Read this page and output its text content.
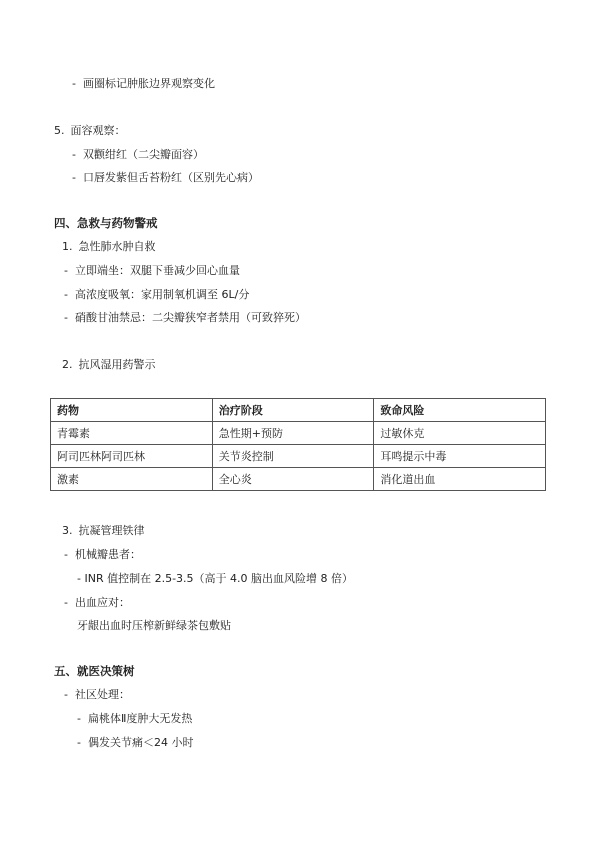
- 画圈标记肿胀边界观察变化
5. 面容观察：
- 双颧绀红（二尖瓣面容）
- 口唇发紫但舌苔粉红（区别先心病）
四、急救与药物警戒
1. 急性肺水肿自救
- 立即端坐：双腿下垂减少回心血量
- 高浓度吸氧：家用制氧机调至 6L/分
- 硝酸甘油禁忌：二尖瓣狭窄者禁用（可致猝死）
2. 抗风湿用药警示
药物	治疗阶段	致命风险
青霉素	急性期+预防	过敏休克
阿司匹林阿司匹林	关节炎控制	耳鸣提示中毒
激素	全心炎	消化道出血
3. 抗凝管理铁律
- 机械瓣患者：
- INR 值控制在 2.5-3.5（高于 4.0 脑出血风险增 8 倍）
- 出血应对：
牙龈出血时压榨新鲜绿茶包敷贴
五、就医决策树
- 社区处理：
- 扁桃体Ⅱ度肿大无发热
- 偶发关节痛＜24 小时
